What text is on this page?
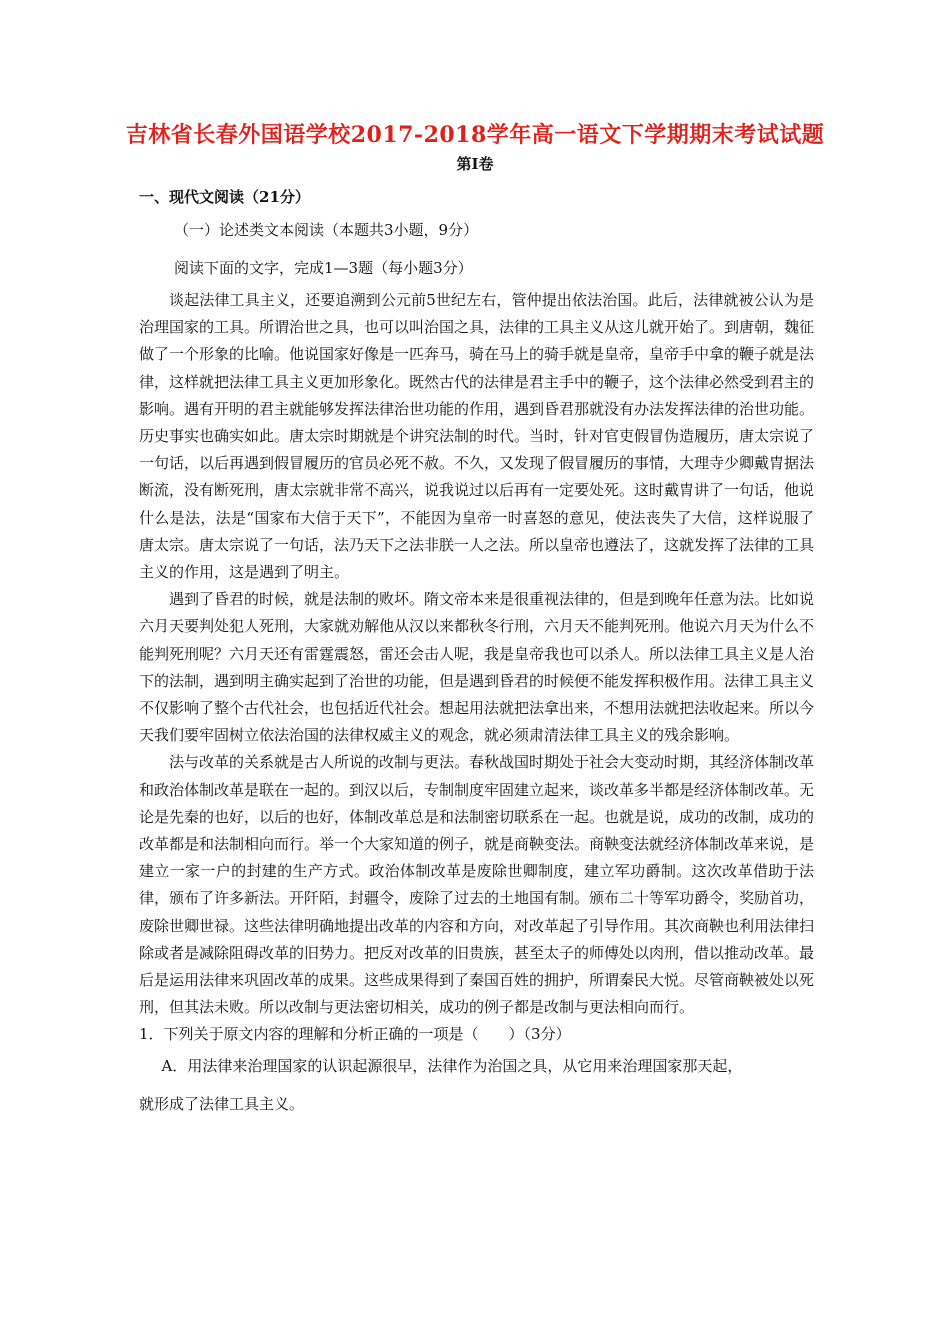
吉林省长春外国语学校2017-2018学年高一语文下学期期末考试试题
第Ⅰ卷
一、现代文阅读（21分）
（一）论述类文本阅读（本题共3小题，9分）
阅读下面的文字，完成1—3题（每小题3分）

谈起法律工具主义，还要追溯到公元前5世纪左右，管仲提出依法治国。此后，法律就被公认为是治理国家的工具。所谓治世之具，也可以叫治国之具，法律的工具主义从这儿就开始了。到唐朝，魏征做了一个形象的比喻。他说国家好像是一匹奔马，骑在马上的骑手就是皇帝，皇帝手中拿的鞭子就是法律，这样就把法律工具主义更加形象化。既然古代的法律是君主手中的鞭子，这个法律必然受到君主的影响。遇有开明的君主就能够发挥法律治世功能的作用，遇到昏君那就没有办法发挥法律的治世功能。历史事实也确实如此。唐太宗时期就是个讲究法制的时代。当时，针对官吏假冒伪造履历，唐太宗说了一句话，以后再遇到假冒履历的官员必死不赦。不久，又发现了假冒履历的事情，大理寺少卿戴胄据法断流，没有断死刑，唐太宗就非常不高兴，说我说过以后再有一定要处死。这时戴胄讲了一句话，他说什么是法，法是“国家布大信于天下”，不能因为皇帝一时喜怒的意见，使法丧失了大信，这样说服了唐太宗。唐太宗说了一句话，法乃天下之法非朕一人之法。所以皇帝也遵法了，这就发挥了法律的工具主义的作用，这是遇到了明主。

遇到了昏君的时候，就是法制的败坏。隋文帝本来是很重视法律的，但是到晚年任意为法。比如说六月天要判处犯人死刑，大家就劝解他从汉以来都秋冬行刑，六月天不能判死刑。他说六月天为什么不能判死刑呢？六月天还有雷霆震怒，雷还会击人呢，我是皇帝我也可以杀人。所以法律工具主义是人治下的法制，遇到明主确实起到了治世的功能，但是遇到昏君的时候便不能发挥积极作用。法律工具主义不仅影响了整个古代社会，也包括近代社会。想起用法就把法拿出来，不想用法就把法收起来。所以今天我们要牢固树立依法治国的法律权威主义的观念，就必须肃清法律工具主义的残余影响。

法与改革的关系就是古人所说的改制与更法。春秋战国时期处于社会大变动时期，其经济体制改革和政治体制改革是联在一起的。到汉以后，专制制度牢固建立起来，谈改革多半都是经济体制改革。无论是先秦的也好，以后的也好，体制改革总是和法制密切联系在一起。也就是说，成功的改制，成功的改革都是和法制相向而行。举一个大家知道的例子，就是商鞅变法。商鞅变法就经济体制改革来说，是建立一家一户的封建的生产方式。政治体制改革是废除世卿制度，建立军功爵制。这次改革借助于法律，颁布了许多新法。开阡陌，封疆令，废除了过去的土地国有制。颁布二十等军功爵令，奖励首功，废除世卿世禄。这些法律明确地提出改革的内容和方向，对改革起了引导作用。其次商鞅也利用法律扫除或者是减除阻碍改革的旧势力。把反对改革的旧贵族，甚至太子的师傅处以肉刑，借以推动改革。最后是运用法律来巩固改革的成果。这些成果得到了秦国百姓的拥护，所谓秦民大悦。尽管商鞅被处以死刑，但其法未败。所以改制与更法密切相关，成功的例子都是改制与更法相向而行。

1．下列关于原文内容的理解和分析正确的一项是（　　）（3分）
A．用法律来治理国家的认识起源很早，法律作为治国之具，从它用来治理国家那天起，
就形成了法律工具主义。
